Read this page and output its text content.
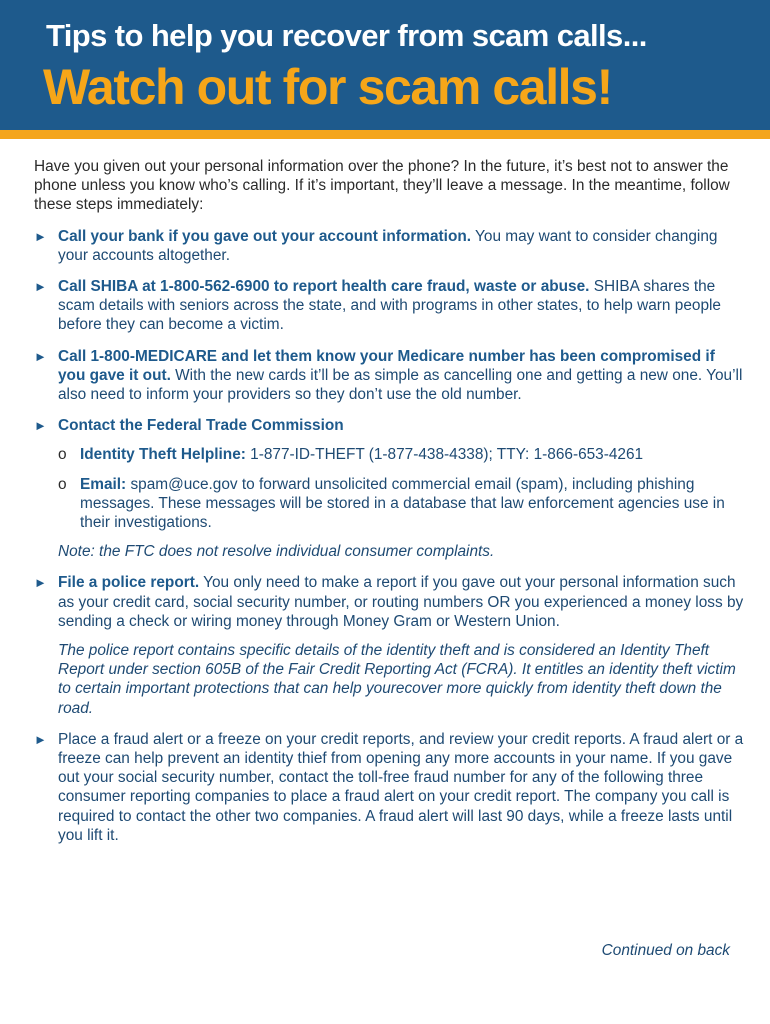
Tips to help you recover from scam calls...
Watch out for scam calls!

Have you given out your personal information over the phone? In the future, it’s best not to answer the phone unless you know who’s calling. If it’s important, they’ll leave a message. In the meantime, follow these steps immediately:

► Call your bank if you gave out your account information. You may want to consider changing your accounts altogether.
► Call SHIBA at 1-800-562-6900 to report health care fraud, waste or abuse. SHIBA shares the scam details with seniors across the state, and with programs in other states, to help warn people before they can become a victim.
► Call 1-800-MEDICARE and let them know your Medicare number has been compromised if you gave it out. With the new cards it’ll be as simple as cancelling one and getting a new one. You’ll also need to inform your providers so they don’t use the old number.
► Contact the Federal Trade Commission
o Identity Theft Helpline: 1-877-ID-THEFT (1-877-438-4338); TTY: 1-866-653-4261
o Email: spam@uce.gov to forward unsolicited commercial email (spam), including phishing messages. These messages will be stored in a database that law enforcement agencies use in their investigations.
Note: the FTC does not resolve individual consumer complaints.
► File a police report. You only need to make a report if you gave out your personal information such as your credit card, social security number, or routing numbers OR you experienced a money loss by sending a check or wiring money through Money Gram or Western Union.
The police report contains specific details of the identity theft and is considered an Identity Theft Report under section 605B of the Fair Credit Reporting Act (FCRA). It entitles an identity theft victim to certain important protections that can help yourecover more quickly from identity theft down the road.
► Place a fraud alert or a freeze on your credit reports, and review your credit reports. A fraud alert or a freeze can help prevent an identity thief from opening any more accounts in your name. If you gave out your social security number, contact the toll-free fraud number for any of the following three consumer reporting companies to place a fraud alert on your credit report. The company you call is required to contact the other two companies. A fraud alert will last 90 days, while a freeze lasts until you lift it.

Continued on back
